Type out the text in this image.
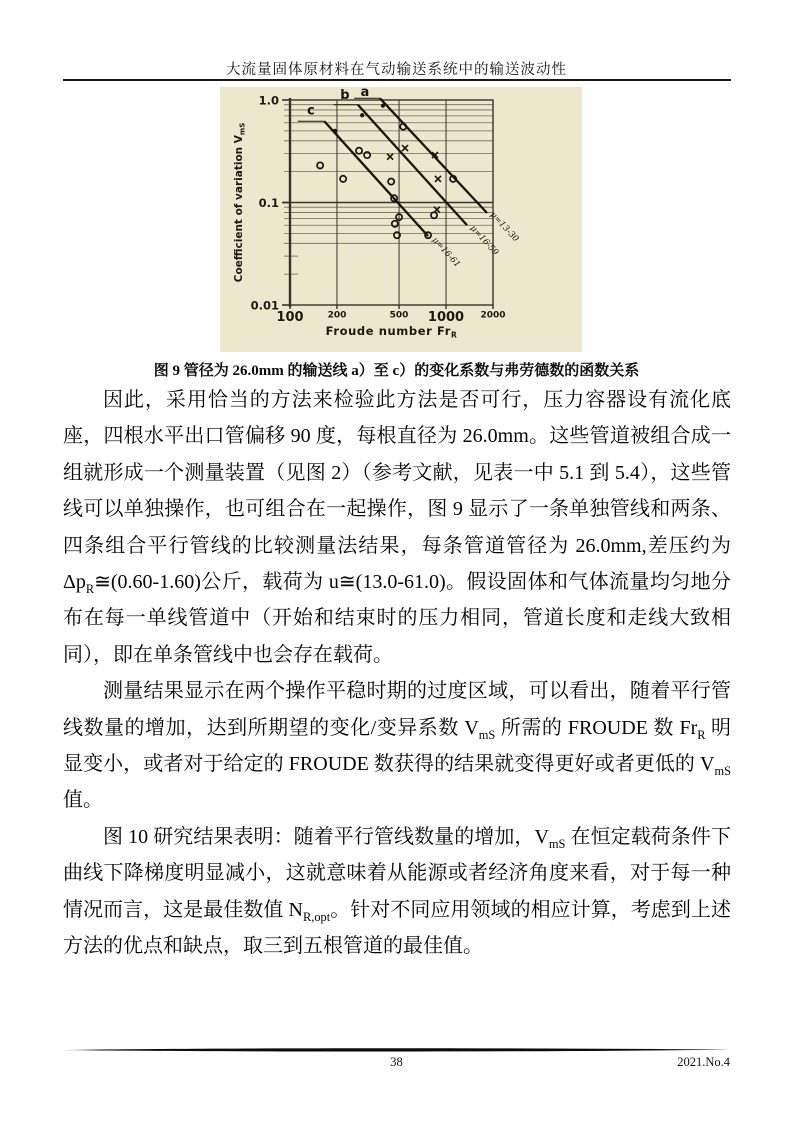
大流量固体原材料在气动输送系统中的输送波动性
a
μ=13-30
b
μ=16-59
c
μ=16-61
1.0
0.1
0.01
100	200	500 1000 2000
Froude number $Fr_R$
Coefficient of variation $V_{mS}$
图 9 管径为 26.0mm 的输送线 a）至 c）的变化系数与弗劳德数的函数关系

因此，采用恰当的方法来检验此方法是否可行，压力容器设有流化底座，四根水平出口管偏移 90 度，每根直径为 26.0mm。这些管道被组合成一组就形成一个测量装置（见图 2）（参考文献，见表一中 5.1 到 5.4），这些管线可以单独操作，也可组合在一起操作，图 9 显示了一条单独管线和两条、四条组合平行管线的比较测量法结果，每条管道管径为 26.0mm,差压约为$\Delta p_R≅(0.60-1.60)$公斤，载荷为 u≅(13.0-61.0)。假设固体和气体流量均匀地分布在每一单线管道中（开始和结束时的压力相同，管道长度和走线大致相同），即在单条管线中也会存在载荷。

测量结果显示在两个操作平稳时期的过度区域，可以看出，随着平行管线数量的增加，达到所期望的变化/变异系数 $V_{mS}$ 所需的 FROUDE 数 $Fr_R$ 明显变小，或者对于给定的 FROUDE 数获得的结果就变得更好或者更低的 $V_{mS}$ 值。

图 10 研究结果表明：随着平行管线数量的增加，$V_{mS}$ 在恒定载荷条件下曲线下降梯度明显减小，这就意味着从能源或者经济角度来看，对于每一种情况而言，这是最佳数值 $N_{R,opt}$。针对不同应用领域的相应计算，考虑到上述方法的优点和缺点，取三到五根管道的最佳值。

38	2021.No.4
